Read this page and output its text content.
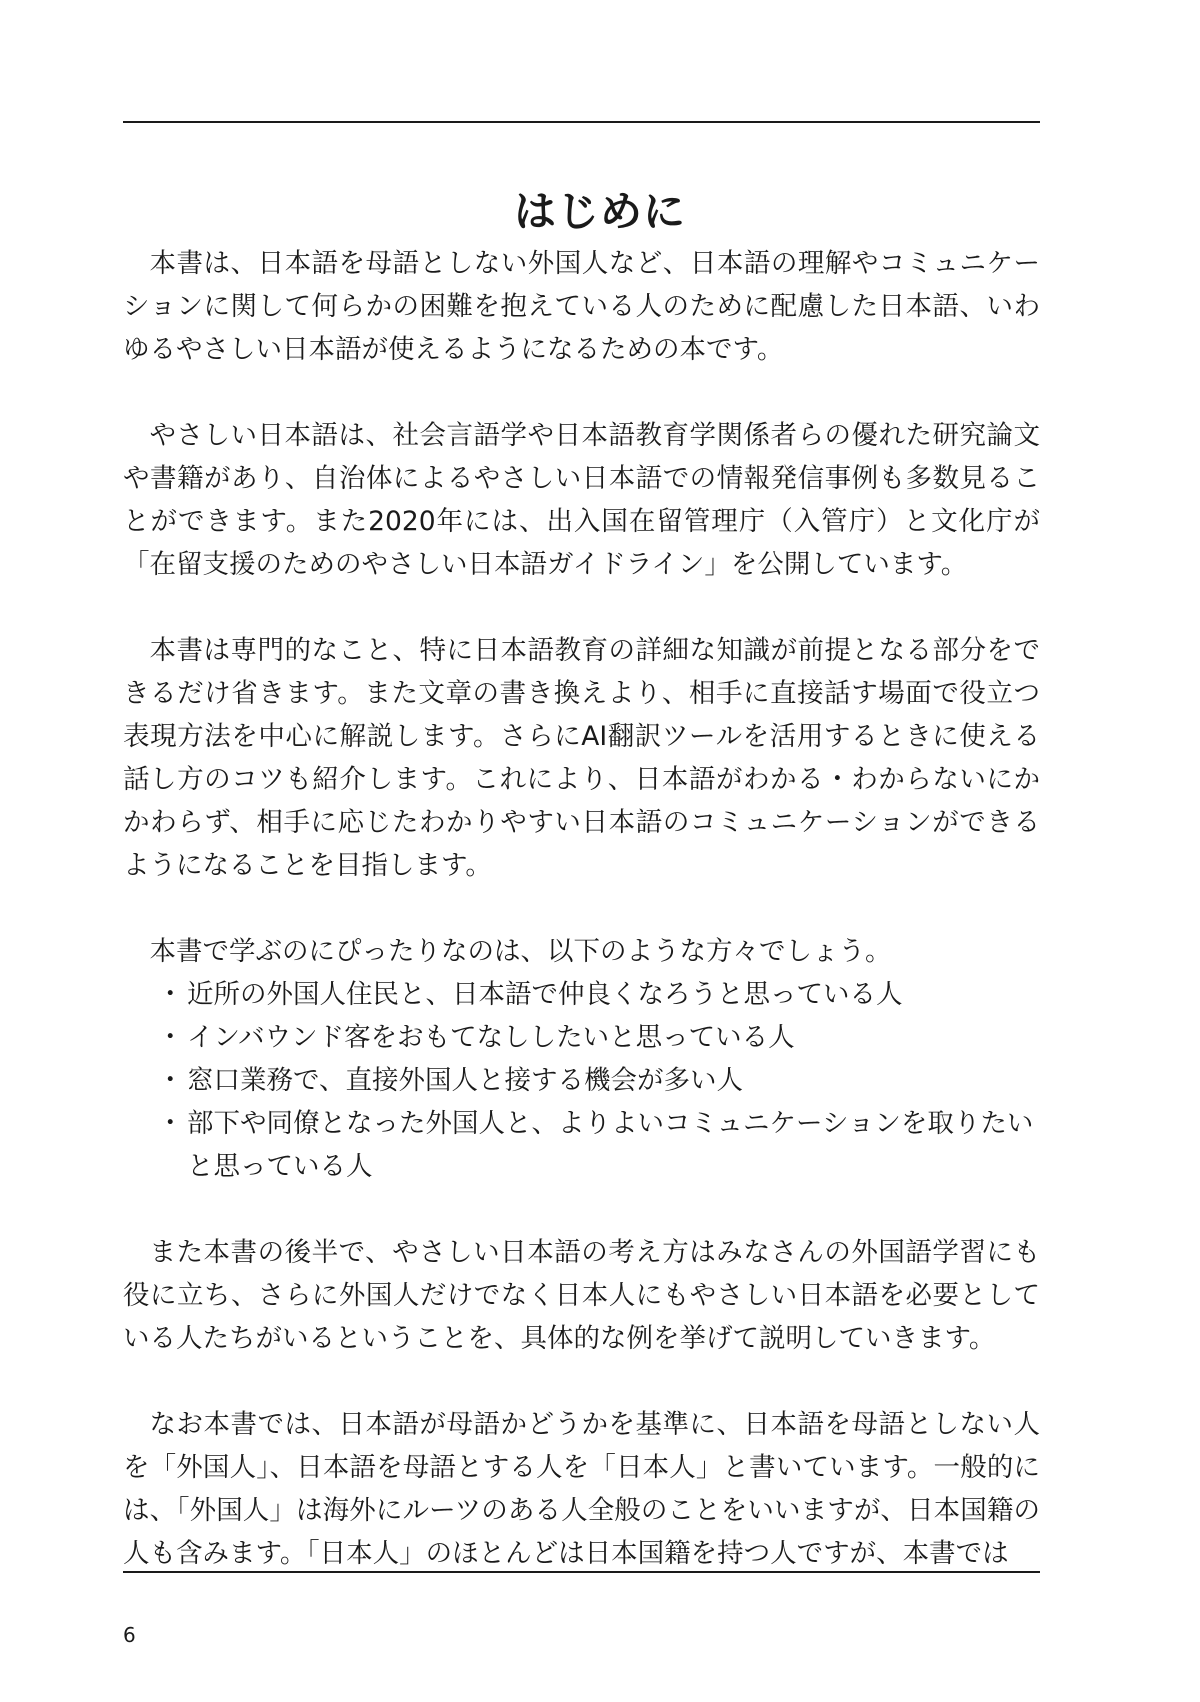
はじめに

本書は、日本語を母語としない外国人など、日本語の理解やコミュニケーションに関して何らかの困難を抱えている人のために配慮した日本語、いわゆるやさしい日本語が使えるようになるための本です。

やさしい日本語は、社会言語学や日本語教育学関係者らの優れた研究論文や書籍があり、自治体によるやさしい日本語での情報発信事例も多数見ることができます。また2020年には、出入国在留管理庁（入管庁）と文化庁が「在留支援のためのやさしい日本語ガイドライン」を公開しています。

本書は専門的なこと、特に日本語教育の詳細な知識が前提となる部分をできるだけ省きます。また文章の書き換えより、相手に直接話す場面で役立つ表現方法を中心に解説します。さらにAI翻訳ツールを活用するときに使える話し方のコツも紹介します。これにより、日本語がわかる・わからないにかかわらず、相手に応じたわかりやすい日本語のコミュニケーションができるようになることを目指します。

本書で学ぶのにぴったりなのは、以下のような方々でしょう。

・ 近所の外国人住民と、日本語で仲良くなろうと思っている人
・ インバウンド客をおもてなししたいと思っている人
・ 窓口業務で、直接外国人と接する機会が多い人
・ 部下や同僚となった外国人と、よりよいコミュニケーションを取りたいと思っている人

また本書の後半で、やさしい日本語の考え方はみなさんの外国語学習にも役に立ち、さらに外国人だけでなく日本人にもやさしい日本語を必要としている人たちがいるということを、具体的な例を挙げて説明していきます。

なお本書では、日本語が母語かどうかを基準に、日本語を母語としない人を「外国人」、日本語を母語とする人を「日本人」と書いています。一般的には、「外国人」は海外にルーツのある人全般のことをいいますが、日本国籍の人も含みます。「日本人」のほとんどは日本国籍を持つ人ですが、本書では

6
